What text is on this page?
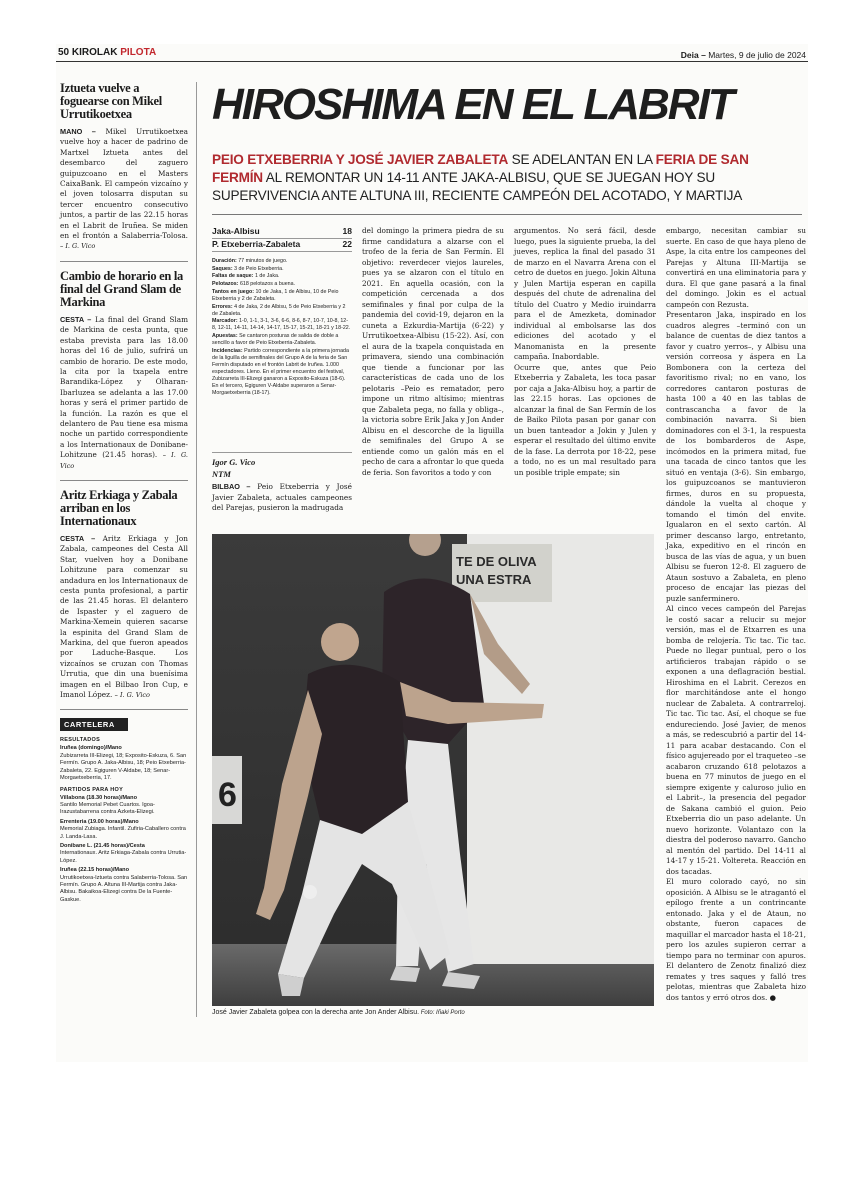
50 KIROLAK PILOTA	Deia – Martes, 9 de julio de 2024
Iztueta vuelve a foguearse con Mikel Urrutikoetxea

MANO – Mikel Urrutikoetxea vuelve hoy a hacer de padrino de Martxel Iztueta antes del desembarco del zaguero guipuzcoano en el Masters CaixaBank. El campeón vizcaíno y el joven tolosarra disputan su tercer encuentro consecutivo juntos, a partir de las 22.15 horas en el Labrit de Iruñea. Se miden en el frontón a Salaberria-Tolosa. – I. G. Vico

Cambio de horario en la final del Grand Slam de Markina

CESTA – La final del Grand Slam de Markina de cesta punta, que estaba prevista para las 18.00 horas del 16 de julio, sufrirá un cambio de horario. De este modo, la cita por la txapela entre Barandika-López y Olharan-Ibarluzea se adelanta a las 17.00 horas y será el primer partido de la función. La razón es que el delantero de Pau tiene esa misma noche un partido correspondiente a los Internationaux de Donibane-Lohitzune (21.45 horas). – I. G. Vico

Aritz Erkiaga y Zabala arriban en los Internationaux

CESTA – Aritz Erkiaga y Jon Zabala, campeones del Cesta All Star, vuelven hoy a Donibane Lohitzune para comenzar su andadura en los Internationaux de cesta punta profesional, a partir de las 21.45 horas. El delantero de Ispaster y el zaguero de Markina-Xemein quieren sacarse la espinita del Grand Slam de Markina, del que fueron apeados por Laduche-Basque. Los vizcaínos se cruzan con Thomas Urrutia, que din una buenísima imagen en el Bilbao Iron Cup, e Imanol López. – I. G. Vico

CARTELERA
RESULTADOS

Iruñea (domingo)/Mano
Zubizarreta III-Elizegi, 18; Exposito-Eskuza, 6. San Fermín. Grupo A. Jaka-Albisu, 18; Peio Etxeberria-Zabaleta, 22. Egiguren V-Aldabe, 18; Senar-Morgaetxeberria, 17.

PARTIDOS PARA HOY

Villabona (18.30 horas)/Mano
Santilo Memorial Pebet Cuartos. Igoa-Irazustabarrena contra Azketa-Elizegi.

Errenteria (19.00 horas)/Mano
Memorial Zubiaga. Infantil. Zufiria-Caballero contra J. Landa-Lasa.

Donibane L. (21.45 horas)/Cesta
Internationaux. Aritz Erkiaga-Zabala contra Urrutia-López.

Iruñea (22.15 horas)/Mano
Urrutikoetxea-Iztueta contra Salaberria-Tolosa. San Fermín. Grupo A. Altuna III-Martija contra Jaka-Albisu. Bakaikoa-Elizegi contra De la Fuente-Gaskue.

HIROSHIMA EN EL LABRIT
PEIO ETXEBERRIA Y JOSÉ JAVIER ZABALETA SE ADELANTAN EN LA FERIA DE SAN FERMÍN AL REMONTAR UN 14-11 ANTE JAKA-ALBISU, QUE SE JUEGAN HOY SU SUPERVIVENCIA ANTE ALTUNA III, RECIENTE CAMPEÓN DEL ACOTADO, Y MARTIJA
Jaka-Albisu	18
P. Etxeberria-Zabaleta	22

Duración: 77 minutos de juego.

Saques: 3 de Peio Etxeberria.

Faltas de saque: 1 de Jaka.

Pelotazos: 618 pelotazos a buena.

Tantos en juego: 10 de Jaka, 1 de Albisu, 10 de Peio Etxeberria y 2 de Zabaleta.

Errores: 4 de Jaka, 2 de Albisu, 5 de Peio Etxeberria y 2 de Zabaleta.

Marcador: 1-0, 1-1, 3-1, 3-6, 6-6, 8-6, 8-7, 10-7, 10-8, 12-8, 12-11, 14-11, 14-14, 14-17, 15-17, 15-21, 18-21 y 18-22.

Apuestas: Se cantaron posturas de salida de doble a sencillo a favor de Peio Etxeberria-Zabaleta.

Incidencias: Partido correspondiente a la primera jornada de la liguilla de semifinales del Grupo A de la feria de San Fermín disputado en el frontón Labrit de Iruñea. 1.000 espectadores. Lleno. En el primer encuentro del festival, Zubizarreta III-Elizegi ganaron a Exposito-Eskuza (18-6). En el tercero, Egiguren V-Aldabe superaron a Senar-Morgaetxeberria (18-17).

Igor G. Vico
NTM

BILBAO – Peio Etxeberria y José Javier Zabaleta, actuales campeones del Parejas, pusieron la madrugada

del domingo la primera piedra de su firme candidatura a alzarse con el trofeo de la feria de San Fermín. El objetivo: reverdecer viejos laureles, pues ya se alzaron con el título en 2021. En aquella ocasión, con la competición cercenada a dos semifinales y final por culpa de la pandemia del covid-19, dejaron en la cuneta a Ezkurdia-Martija (6-22) y Urrutikoetxea-Albisu (15-22). Así, con el aura de la txapela conquistada en primavera, siendo una combinación que tiende a funcionar por las características de cada uno de los pelotaris –Peio es rematador, pero impone un ritmo altísimo; mientras que Zabaleta pega, no falla y obliga–, la victoria sobre Erik Jaka y Jon Ander Albisu en el descorche de la liguilla de semifinales del Grupo A se entiende como un galón más en el pecho de cara a afrontar lo que queda de feria. Son favoritos a todo y con

argumentos. No será fácil, desde luego, pues la siguiente prueba, la del jueves, replica la final del pasado 31 de marzo en el Navarra Arena con el cetro de duetos en juego. Jokin Altuna y Julen Martija esperan en capilla después del chute de adrenalina del título del Cuatro y Medio iruindarra para el de Amezketa, dominador individual al embolsarse las dos ediciones del acotado y el Manomanista en la presente campaña. Inabordable.
Ocurre que, antes que Peio Etxeberria y Zabaleta, les toca pasar por caja a Jaka-Albisu hoy, a partir de las 22.15 horas. Las opciones de alcanzar la final de San Fermín de los de Baiko Pilota pasan por ganar con un buen tanteador a Jokin y Julen y esperar el resultado del último envite de la fase. La derrota por 18-22, pese a todo, no es un mal resultado para un posible triple empate; sin

embargo, necesitan cambiar su suerte. En caso de que haya pleno de Aspe, la cita entre los campeones del Parejas y Altuna III-Martija se convertirá en una eliminatoria para y dura. El que gane pasará a la final del domingo. Jokin es el actual campeón con Rezusta.
Presentaron Jaka, inspirado en los cuadros alegres –terminó con un balance de cuentas de diez tantos a favor y cuatro yerros–, y Albisu una versión correosa y áspera en La Bombonera con la certeza del favoritismo rival; no en vano, los corredores cantaron posturas de hasta 100 a 40 en las tablas de contrascancha a favor de la combinación navarra. Si bien dominadores con el 3-1, la respuesta de los bombarderos de Aspe, incómodos en la primera mitad, fue una tacada de cinco tantos que les situó en ventaja (3-6). Sin embargo, los guipuzcoanos se mantuvieron firmes, duros en su propuesta, dándole la vuelta al choque y tomando el timón del envite. Igualaron en el sexto cartón. Al primer descanso largo, entretanto, Jaka, expeditivo en el rincón en busca de las vías de agua, y un buen Albisu se fueron 12-8. El zaguero de Ataun sostuvo a Zabaleta, en pleno proceso de encajar las piezas del puzle sanferminero.
Al cinco veces campeón del Parejas le costó sacar a relucir su mejor versión, mas el de Etxarren es una bomba de relojería. Tic tac. Tic tac. Puede no llegar puntual, pero o los artificieros trabajan rápido o se exponen a una deflagración bestial. Hiroshima en el Labrit. Cerezos en flor marchitándose ante el hongo nuclear de Zabaleta. A contrarreloj. Tic tac. Tic tac. Así, el choque se fue endureciendo. José Javier, de menos a más, se redescubrió a partir del 14-11 para acabar destacando. Con el físico agujereado por el traqueteo –se acabaron cruzando 618 pelotazos a buena en 77 minutos de juego en el siempre exigente y caluroso julio en el Labrit–, la presencia del pegador de Sakana cambió el guion. Peio Etxeberria dio un paso adelante. Un nuevo horizonte. Volantazo con la diestra del poderoso navarro. Gancho al mentón del partido. Del 14-11 al 14-17 y 15-21. Voltereta. Reacción en dos tacadas.
El muro colorado cayó, no sin oposición. A Albisu se le atragantó el epílogo frente a un contrincante entonado. Jaka y el de Ataun, no obstante, fueron capaces de maquillar el marcador hasta el 18-21, pero los azules supieron cerrar a tiempo para no terminar con apuros. El delantero de Zenotz finalizó diez remates y tres saques y falló tres pelotas, mientras que Zabaleta hizo dos tantos y erró otros dos. ●

TE DE OLIVA
UNA ESTRA
6
José Javier Zabaleta golpea con la derecha ante Jon Ander Albisu. Foto: Iñaki Porto
